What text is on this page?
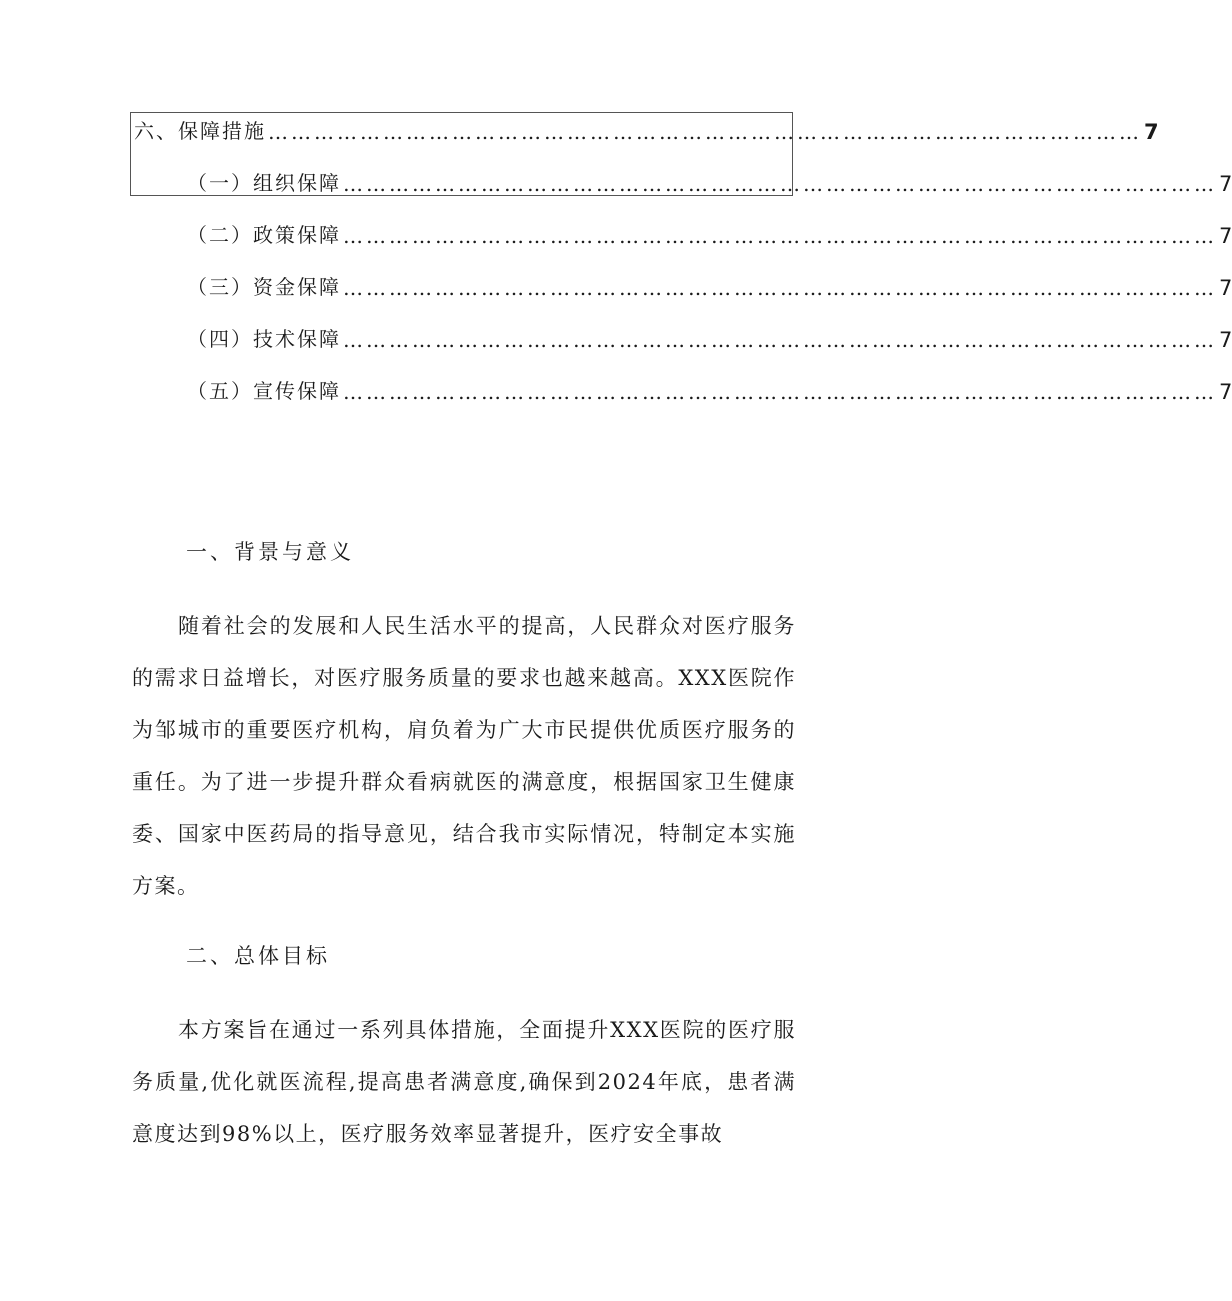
六、保障措施 …………………………………………………………………………………………………… 7
（一）组织保障 …………………………………………………………………………………………………… 7
（二）政策保障 …………………………………………………………………………………………………… 7
（三）资金保障 …………………………………………………………………………………………………… 7
（四）技术保障 …………………………………………………………………………………………………… 7
（五）宣传保障 …………………………………………………………………………………………………… 7
一、背景与意义

随着社会的发展和人民生活水平的提高，人民群众对医疗服务的需求日益增长，对医疗服务质量的要求也越来越高。XXX医院作为邹城市的重要医疗机构，肩负着为广大市民提供优质医疗服务的重任。为了进一步提升群众看病就医的满意度，根据国家卫生健康委、国家中医药局的指导意见，结合我市实际情况，特制定本实施方案。

二、总体目标

本方案旨在通过一系列具体措施，全面提升XXX医院的医疗服务质量,优化就医流程,提高患者满意度,确保到2024年底，患者满意度达到98%以上，医疗服务效率显著提升，医疗安全事故
